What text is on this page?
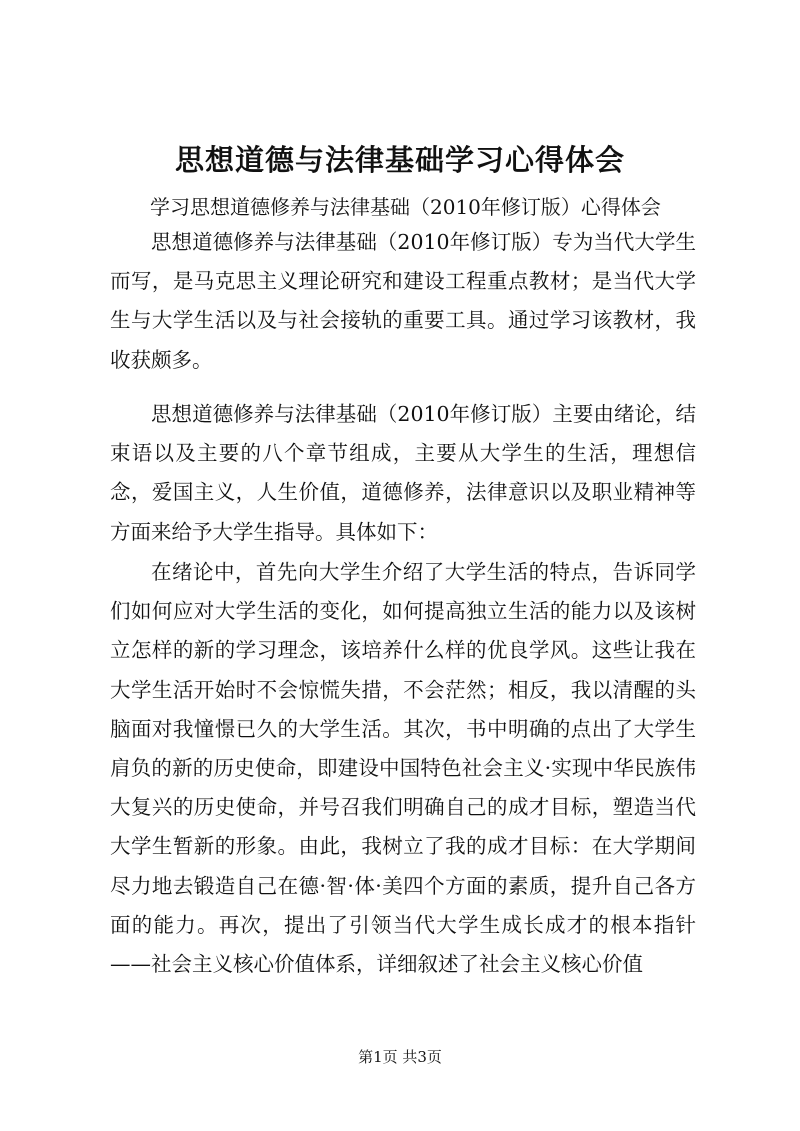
思想道德与法律基础学习心得体会
学习思想道德修养与法律基础（2010年修订版）心得体会

思想道德修养与法律基础（2010年修订版）专为当代大学生而写，是马克思主义理论研究和建设工程重点教材；是当代大学生与大学生活以及与社会接轨的重要工具。通过学习该教材，我收获颇多。

思想道德修养与法律基础（2010年修订版）主要由绪论，结束语以及主要的八个章节组成，主要从大学生的生活，理想信念，爱国主义，人生价值，道德修养，法律意识以及职业精神等方面来给予大学生指导。具体如下：

在绪论中，首先向大学生介绍了大学生活的特点，告诉同学们如何应对大学生活的变化，如何提高独立生活的能力以及该树立怎样的新的学习理念，该培养什么样的优良学风。这些让我在大学生活开始时不会惊慌失措，不会茫然；相反，我以清醒的头脑面对我憧憬已久的大学生活。其次，书中明确的点出了大学生肩负的新的历史使命，即建设中国特色社会主义·实现中华民族伟大复兴的历史使命，并号召我们明确自己的成才目标，塑造当代大学生暂新的形象。由此，我树立了我的成才目标：在大学期间尽力地去锻造自己在德·智·体·美四个方面的素质，提升自己各方面的能力。再次，提出了引领当代大学生成长成才的根本指针——社会主义核心价值体系，详细叙述了社会主义核心价值

第1页 共3页
